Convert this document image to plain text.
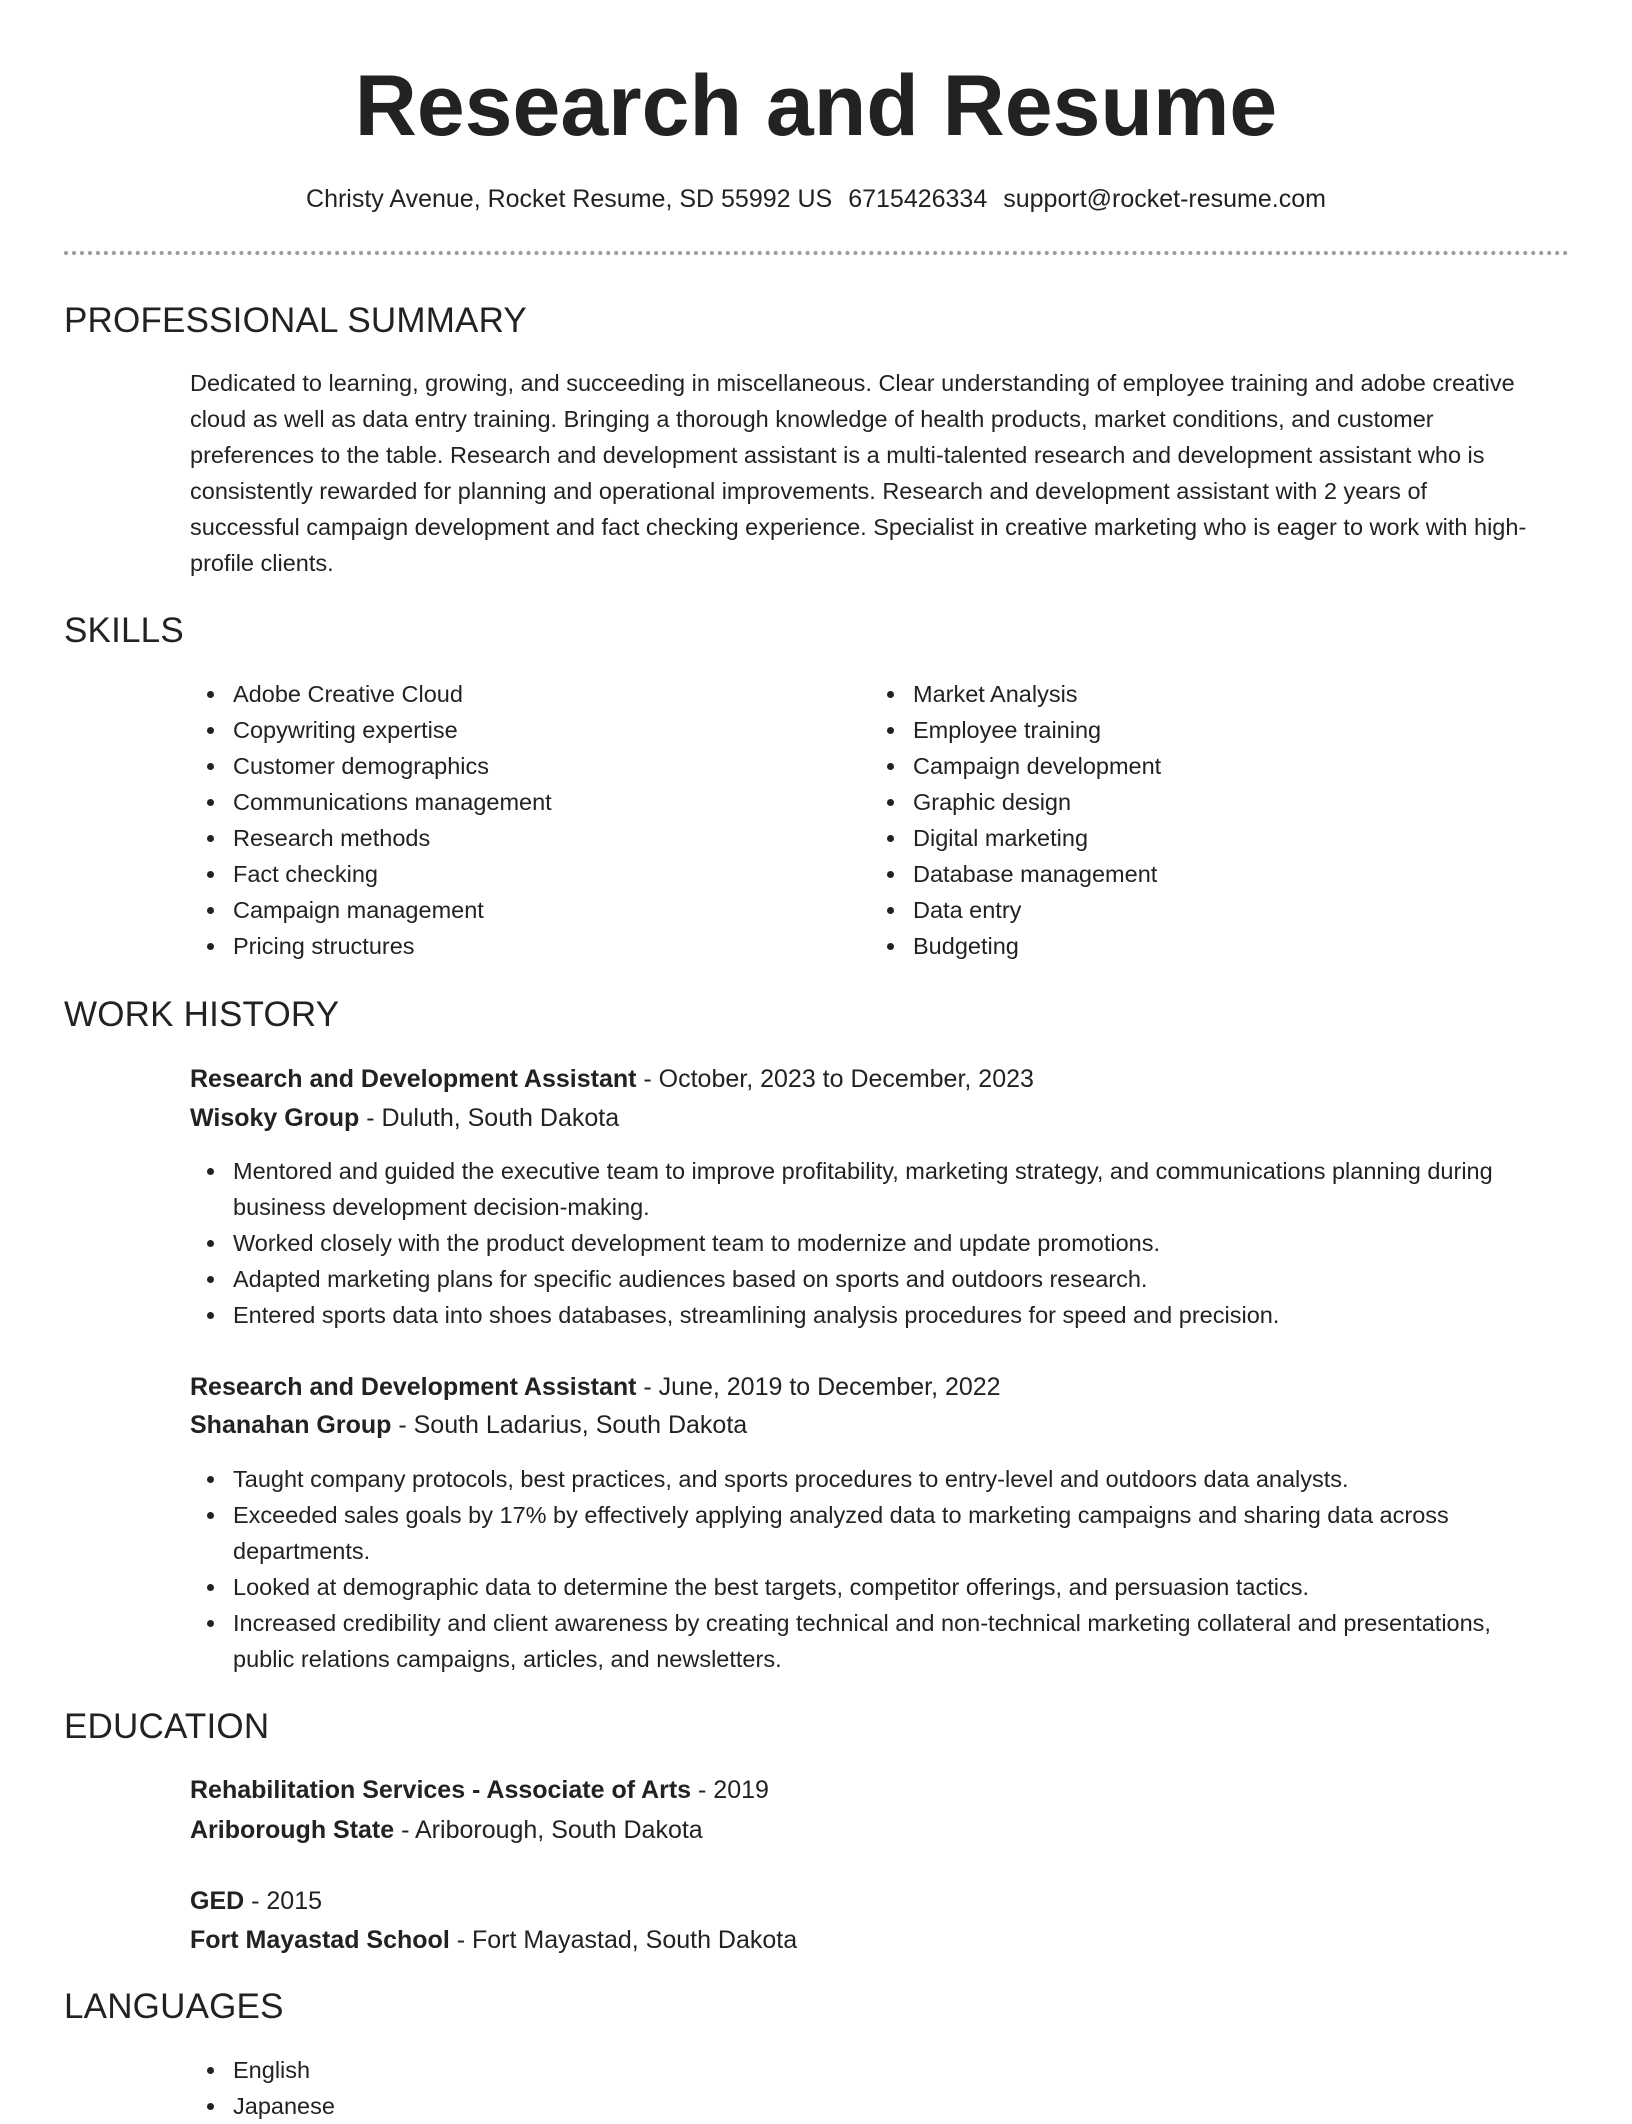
Research and Resume
Christy Avenue, Rocket Resume, SD 55992 US 6715426334 support@rocket-resume.com
PROFESSIONAL SUMMARY

Dedicated to learning, growing, and succeeding in miscellaneous. Clear understanding of employee training and adobe creative cloud as well as data entry training. Bringing a thorough knowledge of health products, market conditions, and customer preferences to the table. Research and development assistant is a multi-talented research and development assistant who is consistently rewarded for planning and operational improvements. Research and development assistant with 2 years of successful campaign development and fact checking experience. Specialist in creative marketing who is eager to work with high-profile clients.

SKILLS
Adobe Creative Cloud
Copywriting expertise
Customer demographics
Communications management
Research methods
Fact checking
Campaign management
Pricing structures
Market Analysis
Employee training
Campaign development
Graphic design
Digital marketing
Database management
Data entry
Budgeting
WORK HISTORY
Research and Development Assistant - October, 2023 to December, 2023
Wisoky Group - Duluth, South Dakota
Mentored and guided the executive team to improve profitability, marketing strategy, and communications planning during business development decision-making.
Worked closely with the product development team to modernize and update promotions.
Adapted marketing plans for specific audiences based on sports and outdoors research.
Entered sports data into shoes databases, streamlining analysis procedures for speed and precision.
Research and Development Assistant - June, 2019 to December, 2022
Shanahan Group - South Ladarius, South Dakota
Taught company protocols, best practices, and sports procedures to entry-level and outdoors data analysts.
Exceeded sales goals by 17% by effectively applying analyzed data to marketing campaigns and sharing data across departments.
Looked at demographic data to determine the best targets, competitor offerings, and persuasion tactics.
Increased credibility and client awareness by creating technical and non-technical marketing collateral and presentations, public relations campaigns, articles, and newsletters.
EDUCATION
Rehabilitation Services - Associate of Arts - 2019
Ariborough State - Ariborough, South Dakota
GED - 2015
Fort Mayastad School - Fort Mayastad, South Dakota
LANGUAGES
English
Japanese
